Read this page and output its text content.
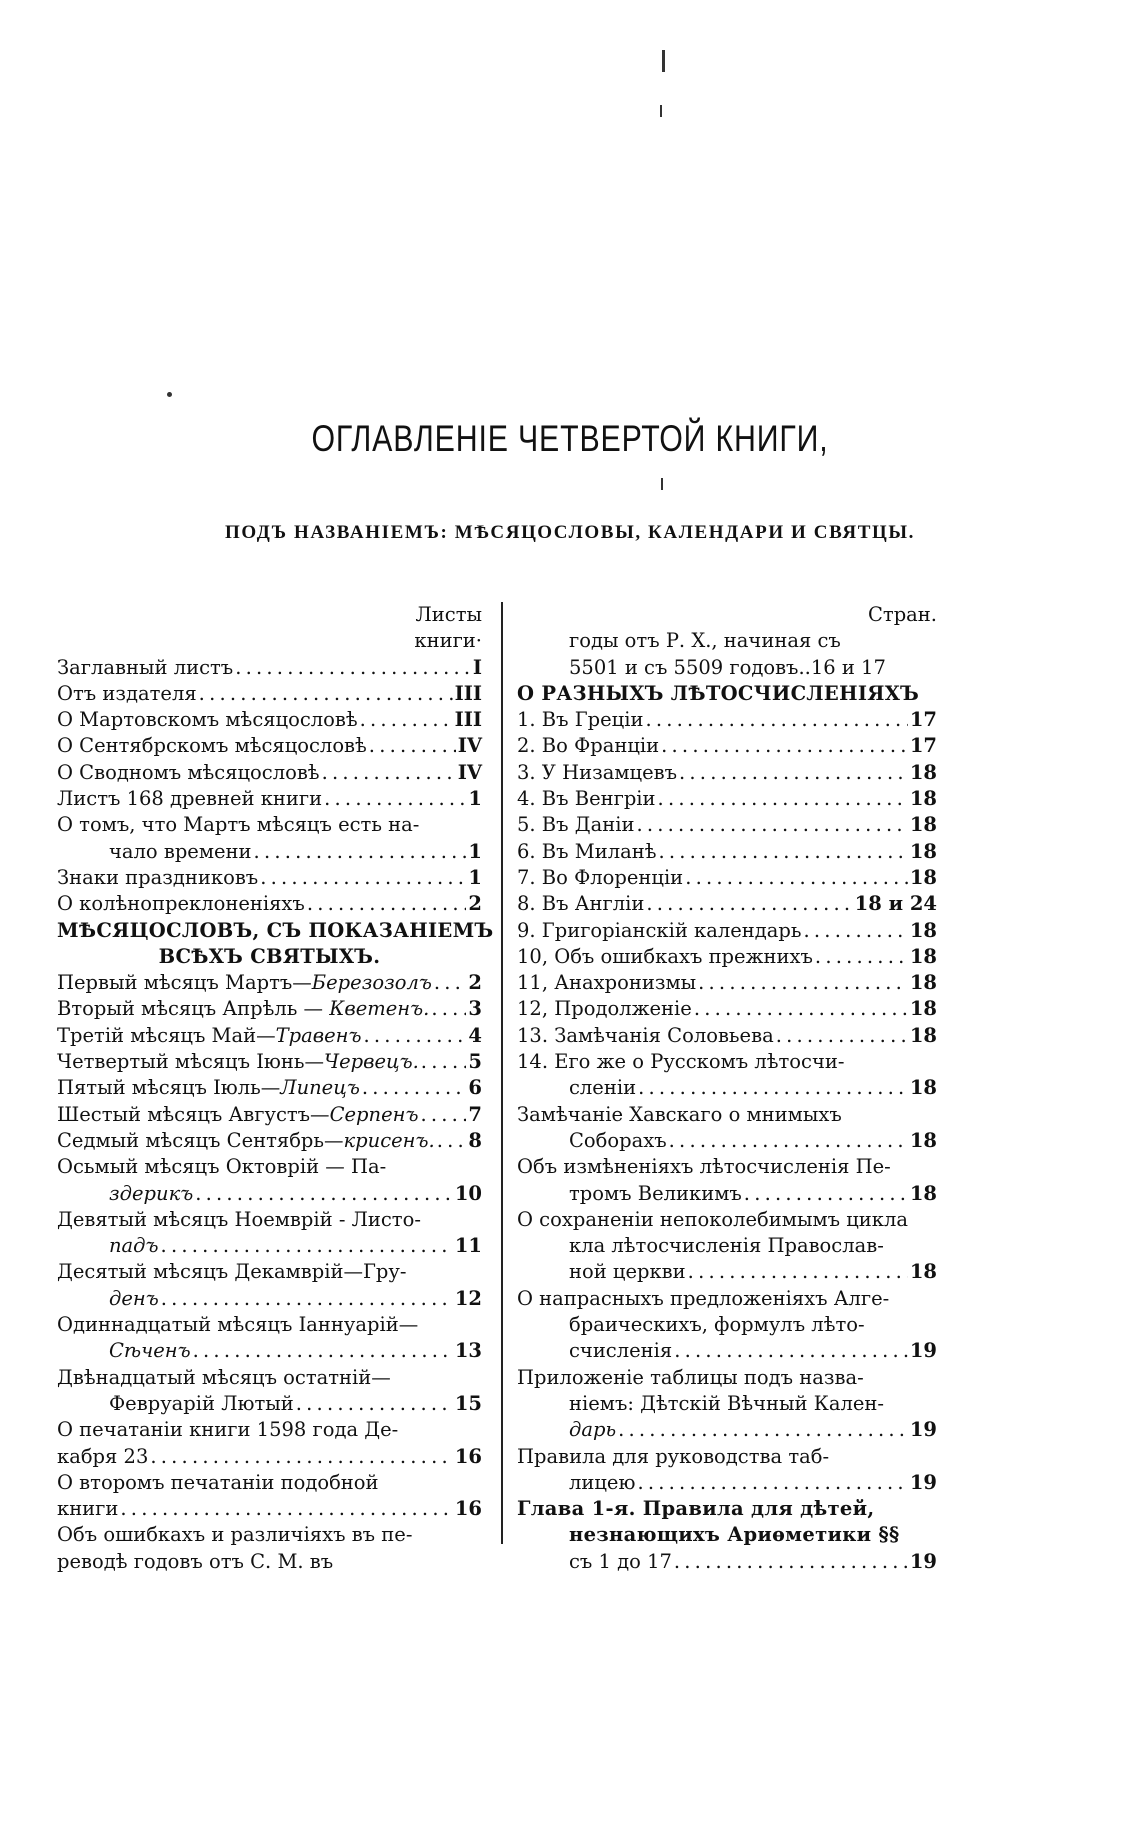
ОГЛАВЛЕНІЕ ЧЕТВЕРТОЙ КНИГИ,
ПОДЪ НАЗВАНІЕМЪ: МѢСЯЦОСЛОВЫ, КАЛЕНДАРИ И СВЯТЦЫ.
Листы
книги·
Заглавный листъ . . .	I
Отъ издателя . . .	III
О Мартовскомъ мѣсяцословѣ . . .	III
О Сентябрскомъ мѣсяцословѣ . . .	IV
О Сводномъ мѣсяцословѣ . . .	IV
Листъ 168 древней книги . . .	1
О томъ, что Мартъ мѣсяцъ есть на-
чало времени . . .	1
Знаки праздниковъ . . .	1
О колѣнопреклоненіяхъ . . .	2
МѢСЯЦОСЛОВЪ, СЪ ПОКАЗАНІЕМЪ
ВСѢХЪ СВЯТЫХЪ.
Первый мѣсяцъ Мартъ—Березозолъ . . . 2
Вторый мѣсяцъ Апрѣль — Кветенъ. . . . 3
Третій мѣсяцъ Май—Травенъ . . .	4
Четвертый мѣсяцъ Іюнь—Червецъ. . . .	5
Пятый мѣсяцъ Іюль—Липецъ . . .	6
Шестый мѣсяцъ Августъ—Серпенъ . . .	7
Седмый мѣсяцъ Сентябрь—крисенъ. . . . 8
Осьмый мѣсяцъ Октоврій — Па-
здерикъ . . .	10
Девятый мѣсяцъ Ноемврій - Листо-
падъ . . .	11
Десятый мѣсяцъ Декамврій—Гру-
денъ . . .	12
Одиннадцатый мѣсяцъ Іаннуарій—
Сѣченъ . . .	13
Двѣнадцатый мѣсяцъ остатній—
Февруарій Лютый . . .	15
О печатаніи книги 1598 года Де-
кабря 23 . . .	16
О второмъ печатаніи подобной
книги . . .	16
Объ ошибкахъ и различіяхъ въ пе-
реводѣ годовъ отъ С. М. въ
Стран.
годы отъ Р. Х., начиная съ
5501 и съ 5509 годовъ..16 и 17
О РАЗНЫХЪ ЛѢТОСЧИСЛЕНІЯХЪ
1. Въ Греціи . . .	17
2. Во Франціи . . .	17
3. У Низамцевъ . . .	18
4. Въ Венгріи . . .	18
5. Въ Даніи . . .	18
6. Въ Миланѣ . . .	18
7. Во Флоренціи . . .	18
8. Въ Англіи . . .	18 и 24
9. Григоріанскій календарь . . .	18
10, Объ ошибкахъ прежнихъ . . .	18
11, Анахронизмы . . .	18
12, Продолженіе . . .	18
13. Замѣчанія Соловьева . . .	18
14. Его же о Русскомъ лѣтосчи-
сленіи . . .	18
Замѣчаніе Хавскаго о мнимыхъ
Соборахъ . . .	18
Объ измѣненіяхъ лѣтосчисленія Пе-
тромъ Великимъ . . .	18
О сохраненіи непоколебимымъ цикла
кла лѣтосчисленія Православ-
ной церкви . . .	18
О напрасныхъ предложеніяхъ Алге-
браическихъ, формулъ лѣто-
счисленія . . .	19
Приложеніе таблицы подъ назва-
ніемъ: Дѣтскій Вѣчный Кален-
дарь . . .	19
Правила для руководства таб-
лицею . . .	19
Глава 1-я. Правила для дѣтей,
незнающихъ Ариѳметики §§
съ 1 до 17 . . .	19
